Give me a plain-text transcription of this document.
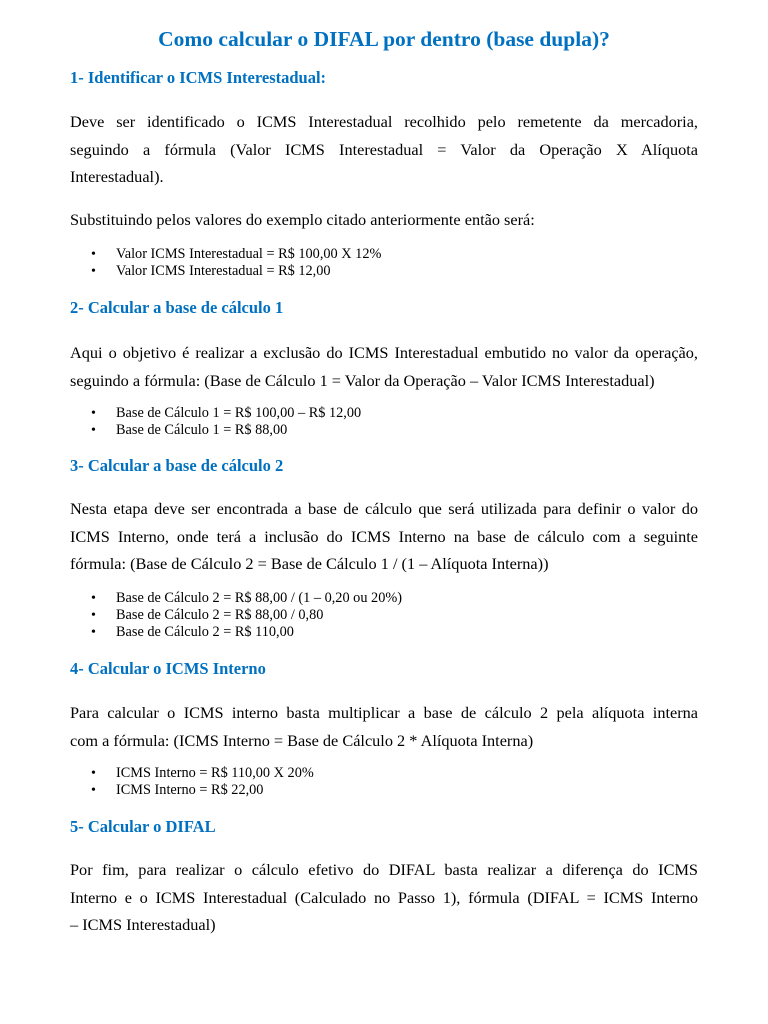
Como calcular o DIFAL por dentro (base dupla)?
1- Identificar o ICMS Interestadual:
Deve ser identificado o ICMS Interestadual recolhido pelo remetente da mercadoria,
seguindo a fórmula (Valor ICMS Interestadual = Valor da Operação X Alíquota
Interestadual).
Substituindo pelos valores do exemplo citado anteriormente então será:
• Valor ICMS Interestadual = R$ 100,00 X 12%
• Valor ICMS Interestadual = R$ 12,00
2- Calcular a base de cálculo 1
Aqui o objetivo é realizar a exclusão do ICMS Interestadual embutido no valor da operação,
seguindo a fórmula: (Base de Cálculo 1 = Valor da Operação – Valor ICMS Interestadual)
• Base de Cálculo 1 = R$ 100,00 – R$ 12,00
• Base de Cálculo 1 = R$ 88,00
3- Calcular a base de cálculo 2
Nesta etapa deve ser encontrada a base de cálculo que será utilizada para definir o valor do
ICMS Interno, onde terá a inclusão do ICMS Interno na base de cálculo com a seguinte
fórmula: (Base de Cálculo 2 = Base de Cálculo 1 / (1 – Alíquota Interna))
• Base de Cálculo 2 = R$ 88,00 / (1 – 0,20 ou 20%)
• Base de Cálculo 2 = R$ 88,00 / 0,80
• Base de Cálculo 2 = R$ 110,00
4- Calcular o ICMS Interno
Para calcular o ICMS interno basta multiplicar a base de cálculo 2 pela alíquota interna
com a fórmula: (ICMS Interno = Base de Cálculo 2 * Alíquota Interna)
• ICMS Interno = R$ 110,00 X 20%
• ICMS Interno = R$ 22,00
5- Calcular o DIFAL
Por fim, para realizar o cálculo efetivo do DIFAL basta realizar a diferença do ICMS
Interno e o ICMS Interestadual (Calculado no Passo 1), fórmula (DIFAL = ICMS Interno
– ICMS Interestadual)
